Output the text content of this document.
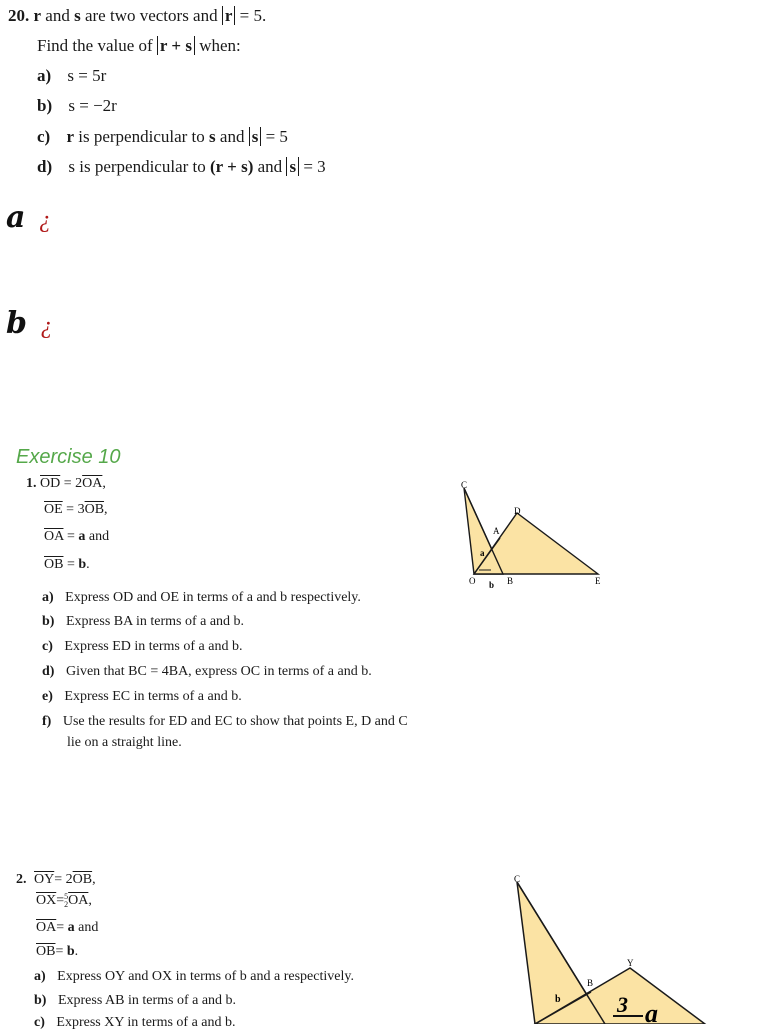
20. r and s are two vectors and r = 5.
Find the value of r + s when:
a) s = 5r
b) s = −2r
c) r is perpendicular to s and s = 5
d) s is perpendicular to (r + s) and s = 3
a ¿
b ¿
Exercise 10
1. $\overline{OD} = 2\overline{OA}$,
$\overline{OE} = 3\overline{OB}$,
$\overline{OA} = a$ and
$\overline{OB} = b$.
a) Express OD and OE in terms of a and b respectively.
b) Express BA in terms of a and b.
c) Express ED in terms of a and b.
d) Given that BC = 4BA, express OC in terms of a and b.
e) Express EC in terms of a and b.
f) Use the results for ED and EC to show that points E, D and C
lie on a straight line.
C
D
A
a
O b B	E
2. $\overline{OY}= 2\overline{OB}$,
$\overline{OX}=5$
$2\overline{OA}$,
$\overline{OA}= a$ and
$\overline{OB}= b$.
a) Express OY and OX in terms of b and a respectively.
b) Express AB in terms of a and b.
c) Express XY in terms of a and b.
C
Y
B
b	3 a
